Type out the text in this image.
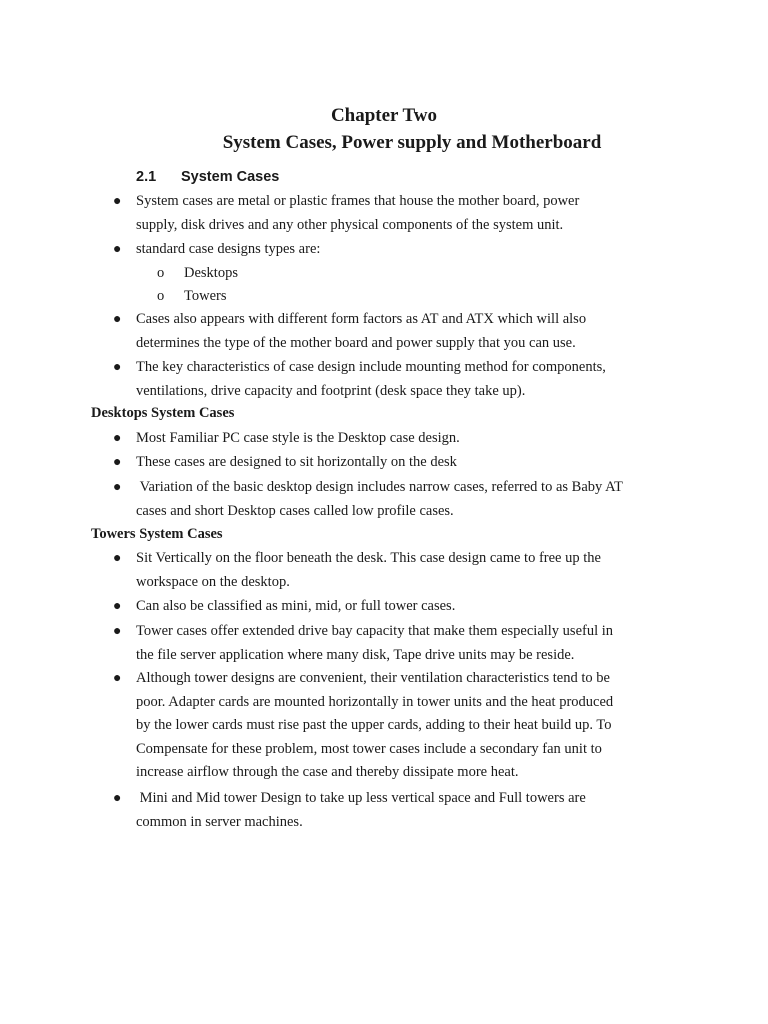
Chapter Two
System Cases, Power supply and Motherboard
2.1 System Cases
● System cases are metal or plastic frames that house the mother board, power
supply, disk drives and any other physical components of the system unit.
● standard case designs types are:
o Desktops
o Towers
● Cases also appears with different form factors as AT and ATX which will also
determines the type of the mother board and power supply that you can use.
● The key characteristics of case design include mounting method for components,
ventilations, drive capacity and footprint (desk space they take up).
Desktops System Cases
● Most Familiar PC case style is the Desktop case design.
● These cases are designed to sit horizontally on the desk
● Variation of the basic desktop design includes narrow cases, referred to as Baby AT
cases and short Desktop cases called low profile cases.
Towers System Cases
● Sit Vertically on the floor beneath the desk. This case design came to free up the
workspace on the desktop.
● Can also be classified as mini, mid, or full tower cases.
● Tower cases offer extended drive bay capacity that make them especially useful in
the file server application where many disk, Tape drive units may be reside.
● Although tower designs are convenient, their ventilation characteristics tend to be
poor. Adapter cards are mounted horizontally in tower units and the heat produced
by the lower cards must rise past the upper cards, adding to their heat build up. To
Compensate for these problem, most tower cases include a secondary fan unit to
increase airflow through the case and thereby dissipate more heat.
● Mini and Mid tower Design to take up less vertical space and Full towers are
common in server machines.
